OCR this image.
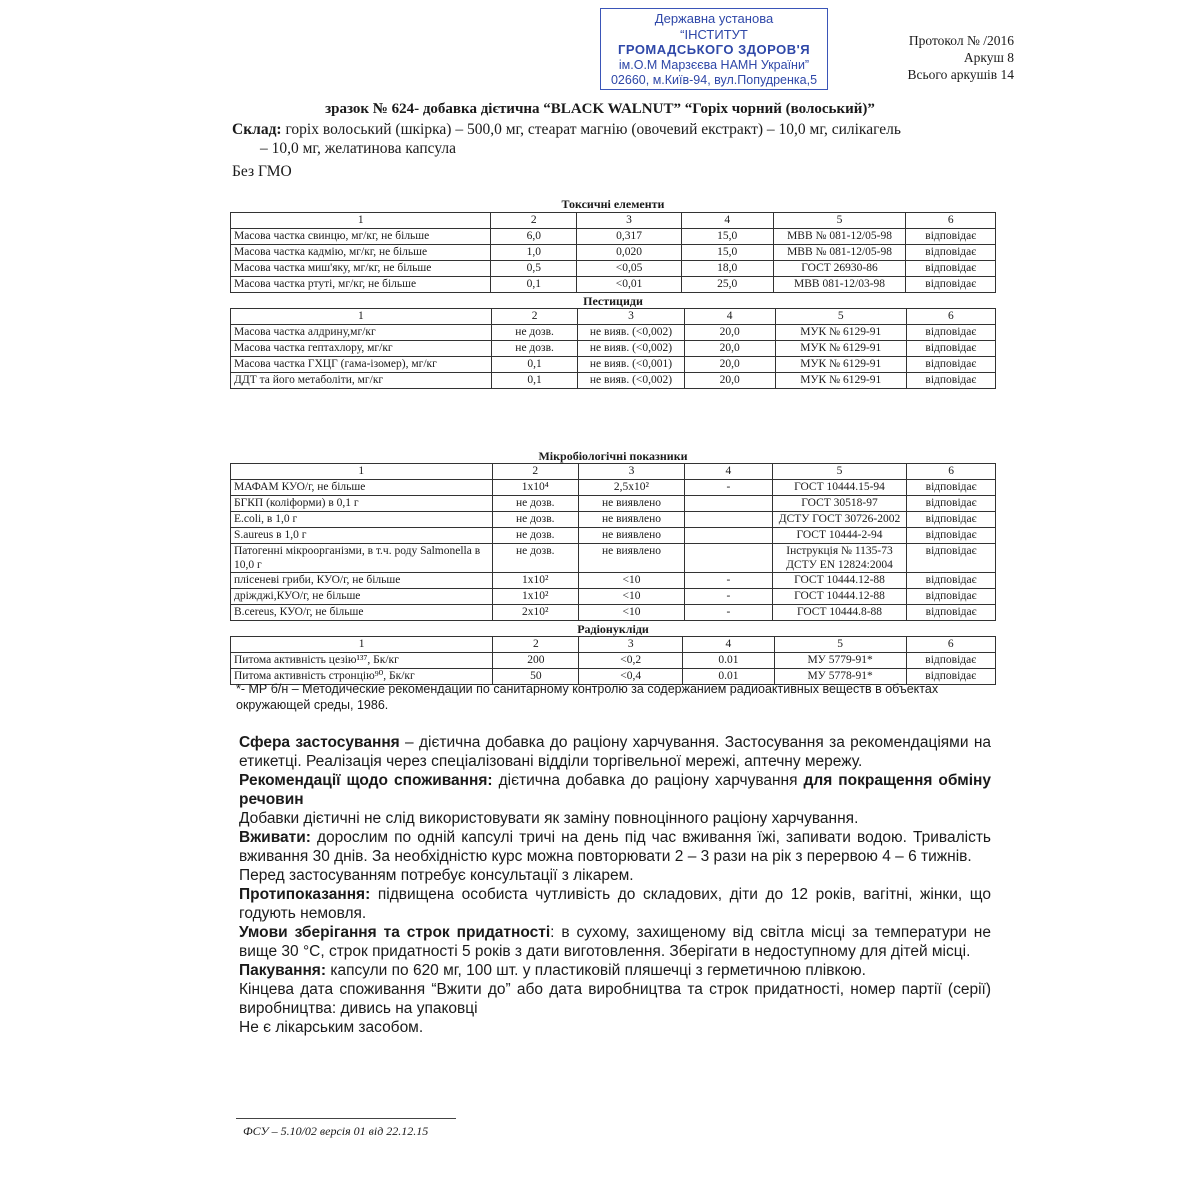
Державна установа
“ІНСТИТУТ
ГРОМАДСЬКОГО ЗДОРОВ'Я
ім.О.М Марзєєва НАМН України”
02660, м.Київ-94, вул.Попудренка,5
Протокол № /2016
Аркуш 8
Всього аркушів 14
зразок № 624- добавка дієтична “BLACK WALNUT” “Горіх чорний (волоський)”
Склад: горіх волоський (шкірка) – 500,0 мг, стеарат магнію (овочевий екстракт) – 10,0 мг, силікагель
– 10,0 мг, желатинова капсула
Без ГМО
Токсичні елементи
1	2	3	4	5	6
Масова частка свинцю, мг/кг, не більше	6,0	0,317	15,0	МВВ № 081-12/05-98	відповідає
Масова частка кадмію, мг/кг, не більше	1,0	0,020	15,0	МВВ № 081-12/05-98	відповідає
Масова частка миш'яку, мг/кг, не більше	0,5	<0,05	18,0	ГОСТ 26930-86	відповідає
Масова частка ртуті, мг/кг, не більше	0,1	<0,01	25,0	МВВ 081-12/03-98	відповідає
Пестициди
1	2	3	4	5	6
Масова частка алдрину,мг/кг	не дозв.	не вияв. (<0,002)	20,0	МУК № 6129-91	відповідає
Масова частка гептахлору, мг/кг	не дозв.	не вияв. (<0,002)	20,0	МУК № 6129-91	відповідає
Масова частка ГХЦГ (гама-ізомер), мг/кг	0,1	не вияв. (<0,001)	20,0	МУК № 6129-91	відповідає
ДДТ та його метаболіти, мг/кг	0,1	не вияв. (<0,002)	20,0	МУК № 6129-91	відповідає
Мікробіологічні показники
1	2	3	4	5	6
МАФАМ КУО/г, не більше	1x10⁴	2,5x10²	-	ГОСТ 10444.15-94	відповідає
БГКП (коліформи) в 0,1 г	не дозв.	не виявлено		ГОСТ 30518-97	відповідає
E.coli, в 1,0 г	не дозв.	не виявлено		ДСТУ ГОСТ 30726-2002	відповідає
S.aureus в 1,0 г	не дозв.	не виявлено		ГОСТ 10444-2-94	відповідає
Патогенні мікроорганізми, в т.ч. роду Salmonella в 10,0 г	не дозв.	не виявлено		Інструкція № 1135-73 ДСТУ EN 12824:2004	відповідає
плісеневі гриби, КУО/г, не більше	1x10²	<10	-	ГОСТ 10444.12-88	відповідає
дріжджі,КУО/г, не більше	1x10²	<10	-	ГОСТ 10444.12-88	відповідає
B.cereus, КУО/г, не більше	2x10²	<10	-	ГОСТ 10444.8-88	відповідає
Радіонукліди
1	2	3	4	5	6
Питома активність цезію¹³⁷, Бк/кг	200	<0,2	0.01	МУ 5779-91*	відповідає
Питома активність стронцію⁹⁰, Бк/кг	50	<0,4	0.01	МУ 5778-91*	відповідає
*- МР б/н – Методические рекомендации по санитарному контролю за содержанием радиоактивных веществ в объектах окружающей среды, 1986.

Сфера застосування – дієтична добавка до раціону харчування. Застосування за рекомендаціями на етикетці. Реалізація через спеціалізовані відділи торгівельної мережі, аптечну мережу.

Рекомендації щодо споживання: дієтична добавка до раціону харчування для покращення обміну речовин

Добавки дієтичні не слід використовувати як заміну повноцінного раціону харчування.

Вживати: дорослим по одній капсулі тричі на день під час вживання їжі, запивати водою. Тривалість вживання 30 днів. За необхідністю курс можна повторювати 2 – 3 рази на рік з перервою 4 – 6 тижнів.

Перед застосуванням потребує консультації з лікарем.

Протипоказання: підвищена особиста чутливість до складових, діти до 12 років, вагітні, жінки, що годують немовля.

Умови зберігання та строк придатності: в сухому, захищеному від світла місці за температури не вище 30 °С, строк придатності 5 років з дати виготовлення. Зберігати в недоступному для дітей місці.

Пакування: капсули по 620 мг, 100 шт. у пластиковій пляшечці з герметичною плівкою.

Кінцева дата споживання “Вжити до” або дата виробництва та строк придатності, номер партії (серії) виробництва: дивись на упаковці

Не є лікарським засобом.

ФСУ – 5.10/02 версія 01 від 22.12.15
